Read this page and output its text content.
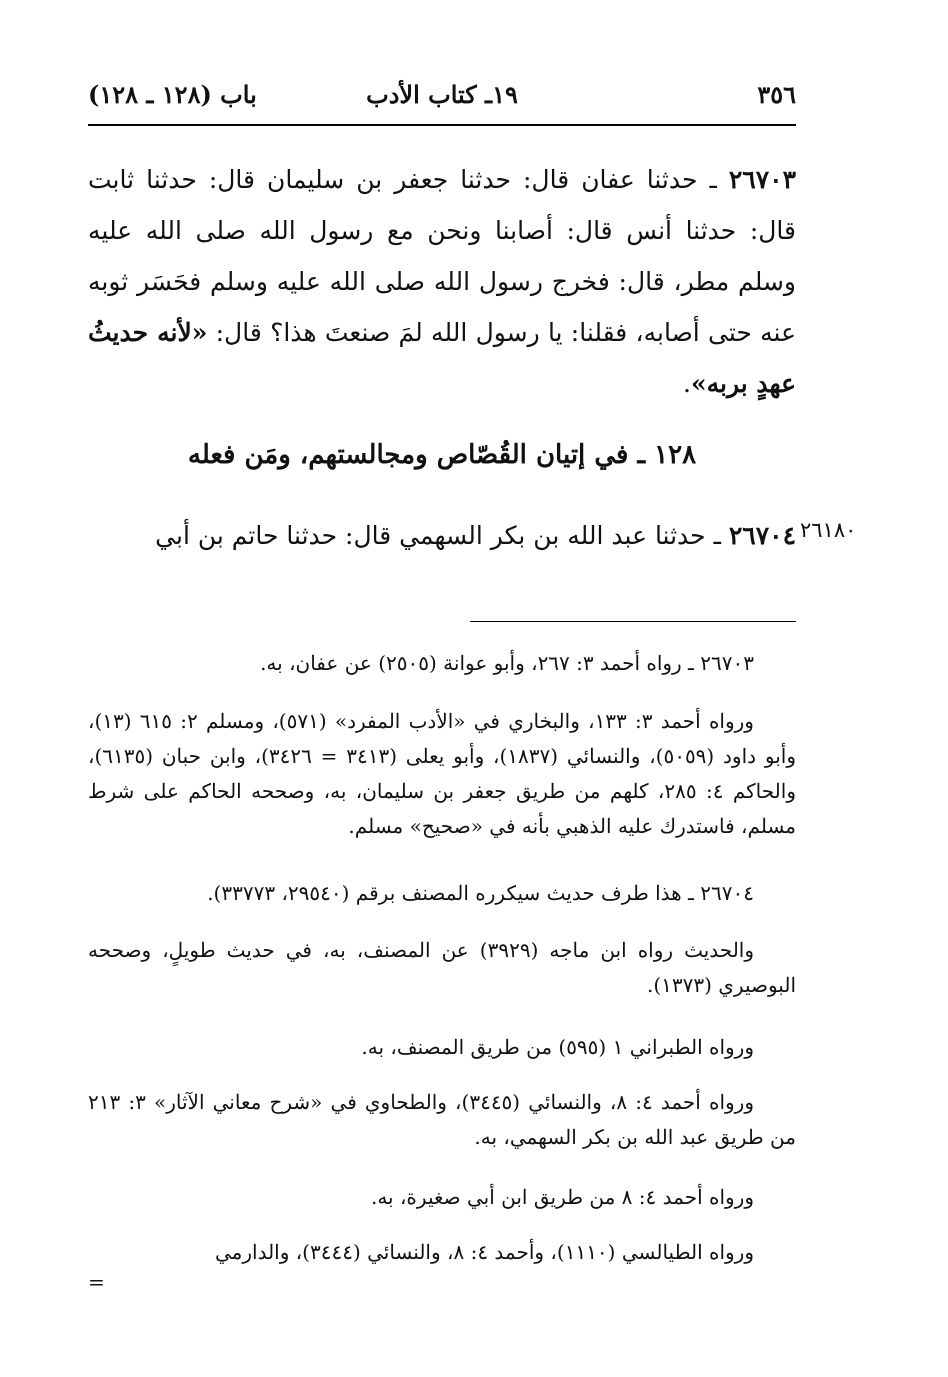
٣٥٦
١٩ـ كتاب الأدب
باب (١٢٨ ـ ١٢٨)

٢٦٧٠٣ ـ حدثنا عفان قال: حدثنا جعفر بن سليمان قال: حدثنا ثابت قال: حدثنا أنس قال: أصابنا ونحن مع رسول الله صلى الله عليه وسلم مطر، قال: فخرج رسول الله صلى الله عليه وسلم فحَسَر ثوبه عنه حتى أصابه، فقلنا: يا رسول الله لمَ صنعتَ هذا؟ قال: «لأنه حديثُ عهدٍ بربه».

١٢٨ ـ في إتيان القُصّاص ومجالستهم، ومَن فعله
٢٦١٨٠

٢٦٧٠٤ ـ حدثنا عبد الله بن بكر السهمي قال: حدثنا حاتم بن أبي

٢٦٧٠٣ ـ رواه أحمد ٣: ٢٦٧، وأبو عوانة (٢٥٠٥) عن عفان، به.

ورواه أحمد ٣: ١٣٣، والبخاري في «الأدب المفرد» (٥٧١)، ومسلم ٢: ٦١٥ (١٣)، وأبو داود (٥٠٥٩)، والنسائي (١٨٣٧)، وأبو يعلى (٣٤١٣ = ٣٤٢٦)، وابن حبان (٦١٣٥)، والحاكم ٤: ٢٨٥، كلهم من طريق جعفر بن سليمان، به، وصححه الحاكم على شرط مسلم، فاستدرك عليه الذهبي بأنه في «صحيح» مسلم.

٢٦٧٠٤ ـ هذا طرف حديث سيكرره المصنف برقم (٢٩٥٤٠، ٣٣٧٧٣).

والحديث رواه ابن ماجه (٣٩٢٩) عن المصنف، به، في حديث طويلٍ، وصححه البوصيري (١٣٧٣).

ورواه الطبراني ١ (٥٩٥) من طريق المصنف، به.

ورواه أحمد ٤: ٨، والنسائي (٣٤٤٥)، والطحاوي في «شرح معاني الآثار» ٣: ٢١٣ من طريق عبد الله بن بكر السهمي، به.

ورواه أحمد ٤: ٨ من طريق ابن أبي صغيرة، به.

ورواه الطيالسي (١١١٠)، وأحمد ٤: ٨، والنسائي (٣٤٤٤)، والدارمي

=
